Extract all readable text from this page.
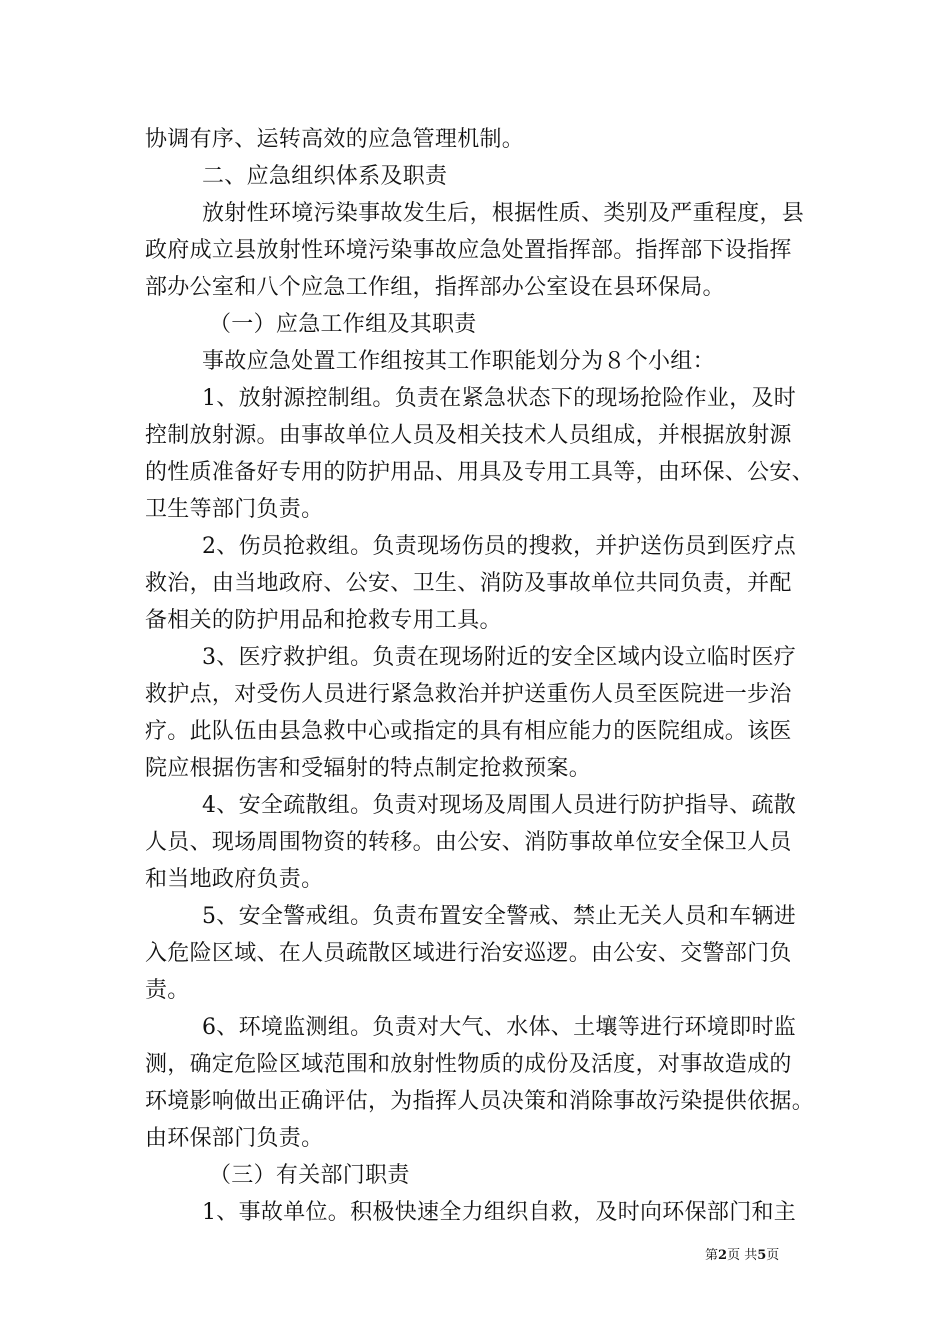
协调有序、运转高效的应急管理机制。
二、应急组织体系及职责
放射性环境污染事故发生后，根据性质、类别及严重程度，县
政府成立县放射性环境污染事故应急处置指挥部。指挥部下设指挥
部办公室和八个应急工作组，指挥部办公室设在县环保局。
（一）应急工作组及其职责
事故应急处置工作组按其工作职能划分为８个小组：
1、放射源控制组。负责在紧急状态下的现场抢险作业，及时
控制放射源。由事故单位人员及相关技术人员组成，并根据放射源
的性质准备好专用的防护用品、用具及专用工具等，由环保、公安、
卫生等部门负责。
2、伤员抢救组。负责现场伤员的搜救，并护送伤员到医疗点
救治，由当地政府、公安、卫生、消防及事故单位共同负责，并配
备相关的防护用品和抢救专用工具。
3、医疗救护组。负责在现场附近的安全区域内设立临时医疗
救护点，对受伤人员进行紧急救治并护送重伤人员至医院进一步治
疗。此队伍由县急救中心或指定的具有相应能力的医院组成。该医
院应根据伤害和受辐射的特点制定抢救预案。
4、安全疏散组。负责对现场及周围人员进行防护指导、疏散
人员、现场周围物资的转移。由公安、消防事故单位安全保卫人员
和当地政府负责。
5、安全警戒组。负责布置安全警戒、禁止无关人员和车辆进
入危险区域、在人员疏散区域进行治安巡逻。由公安、交警部门负
责。
6、环境监测组。负责对大气、水体、土壤等进行环境即时监
测，确定危险区域范围和放射性物质的成份及活度，对事故造成的
环境影响做出正确评估，为指挥人员决策和消除事故污染提供依据。
由环保部门负责。
（三）有关部门职责
1、事故单位。积极快速全力组织自救，及时向环保部门和主
第2页 共5页
